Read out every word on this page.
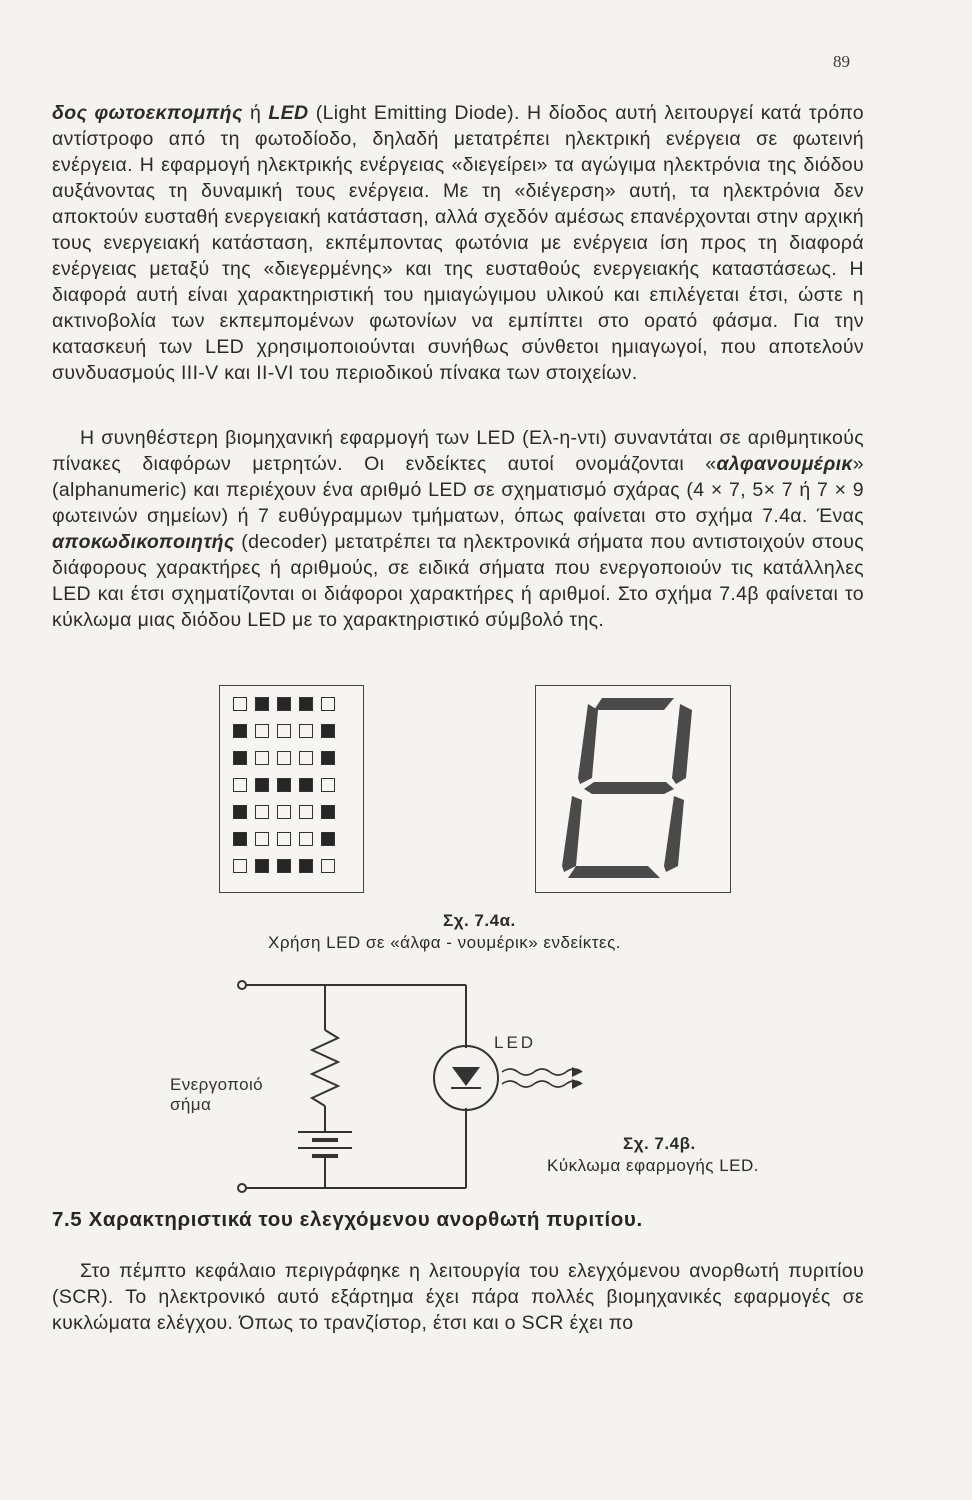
89

δος φωτοεκπομπής ή LED (Light Emitting Diode). Η δίοδος αυτή λειτουργεί κατά τρόπο αντίστροφο από τη φωτοδίοδο, δηλαδή μετατρέπει ηλεκτρική ενέργεια σε φωτεινή ενέργεια. Η εφαρμογή ηλεκτρικής ενέργειας «διεγείρει» τα αγώγιμα ηλεκτρόνια της διόδου αυξάνοντας τη δυναμική τους ενέργεια. Με τη «διέγερση» αυτή, τα ηλεκτρόνια δεν αποκτούν ευσταθή ενεργειακή κατάσταση, αλλά σχεδόν αμέσως επανέρχονται στην αρχική τους ενεργειακή κατάσταση, εκπέμποντας φωτόνια με ενέργεια ίση προς τη διαφορά ενέργειας μεταξύ της «διεγερμένης» και της ευσταθούς ενεργειακής καταστάσεως. Η διαφορά αυτή είναι χαρακτηριστική του ημιαγώγιμου υλικού και επιλέγεται έτσι, ώστε η ακτινοβολία των εκπεμπομένων φωτονίων να εμπίπτει στο ορατό φάσμα. Για την κατασκευή των LED χρησιμοποιούνται συνήθως σύνθετοι ημιαγωγοί, που αποτελούν συνδυασμούς III-V και II-VI του περιοδικού πίνακα των στοιχείων.

Η συνηθέστερη βιομηχανική εφαρμογή των LED (Ελ-η-ντι) συναντάται σε αριθμητικούς πίνακες διαφόρων μετρητών. Οι ενδείκτες αυτοί ονομάζονται «αλφανουμέρικ» (alphanumeric) και περιέχουν ένα αριθμό LED σε σχηματισμό σχάρας (4 × 7, 5× 7 ή 7 × 9 φωτεινών σημείων) ή 7 ευθύγραμμων τμήματων, όπως φαίνεται στο σχήμα 7.4α. Ένας αποκωδικοποιητής (decoder) μετατρέπει τα ηλεκτρονικά σήματα που αντιστοιχούν στους διάφορους χαρακτήρες ή αριθμούς, σε ειδικά σήματα που ενεργοποιούν τις κατάλληλες LED και έτσι σχηματίζονται οι διάφοροι χαρακτήρες ή αριθμοί. Στο σχήμα 7.4β φαίνεται το κύκλωμα μιας διόδου LED με το χαρακτηριστικό σύμβολό της.

Σχ. 7.4α.
Χρήση LED σε «άλφα - νουμέρικ» ενδείκτες.
Ενεργοποιό
σήμα
LED
Σχ. 7.4β.
Κύκλωμα εφαρμογής LED.
7.5 Χαρακτηριστικά του ελεγχόμενου ανορθωτή πυριτίου.

Στο πέμπτο κεφάλαιο περιγράφηκε η λειτουργία του ελεγχόμενου ανορθωτή πυριτίου (SCR). Το ηλεκτρονικό αυτό εξάρτημα έχει πάρα πολλές βιομηχανικές εφαρμογές σε κυκλώματα ελέγχου. Όπως το τρανζίστορ, έτσι και ο SCR έχει πο
